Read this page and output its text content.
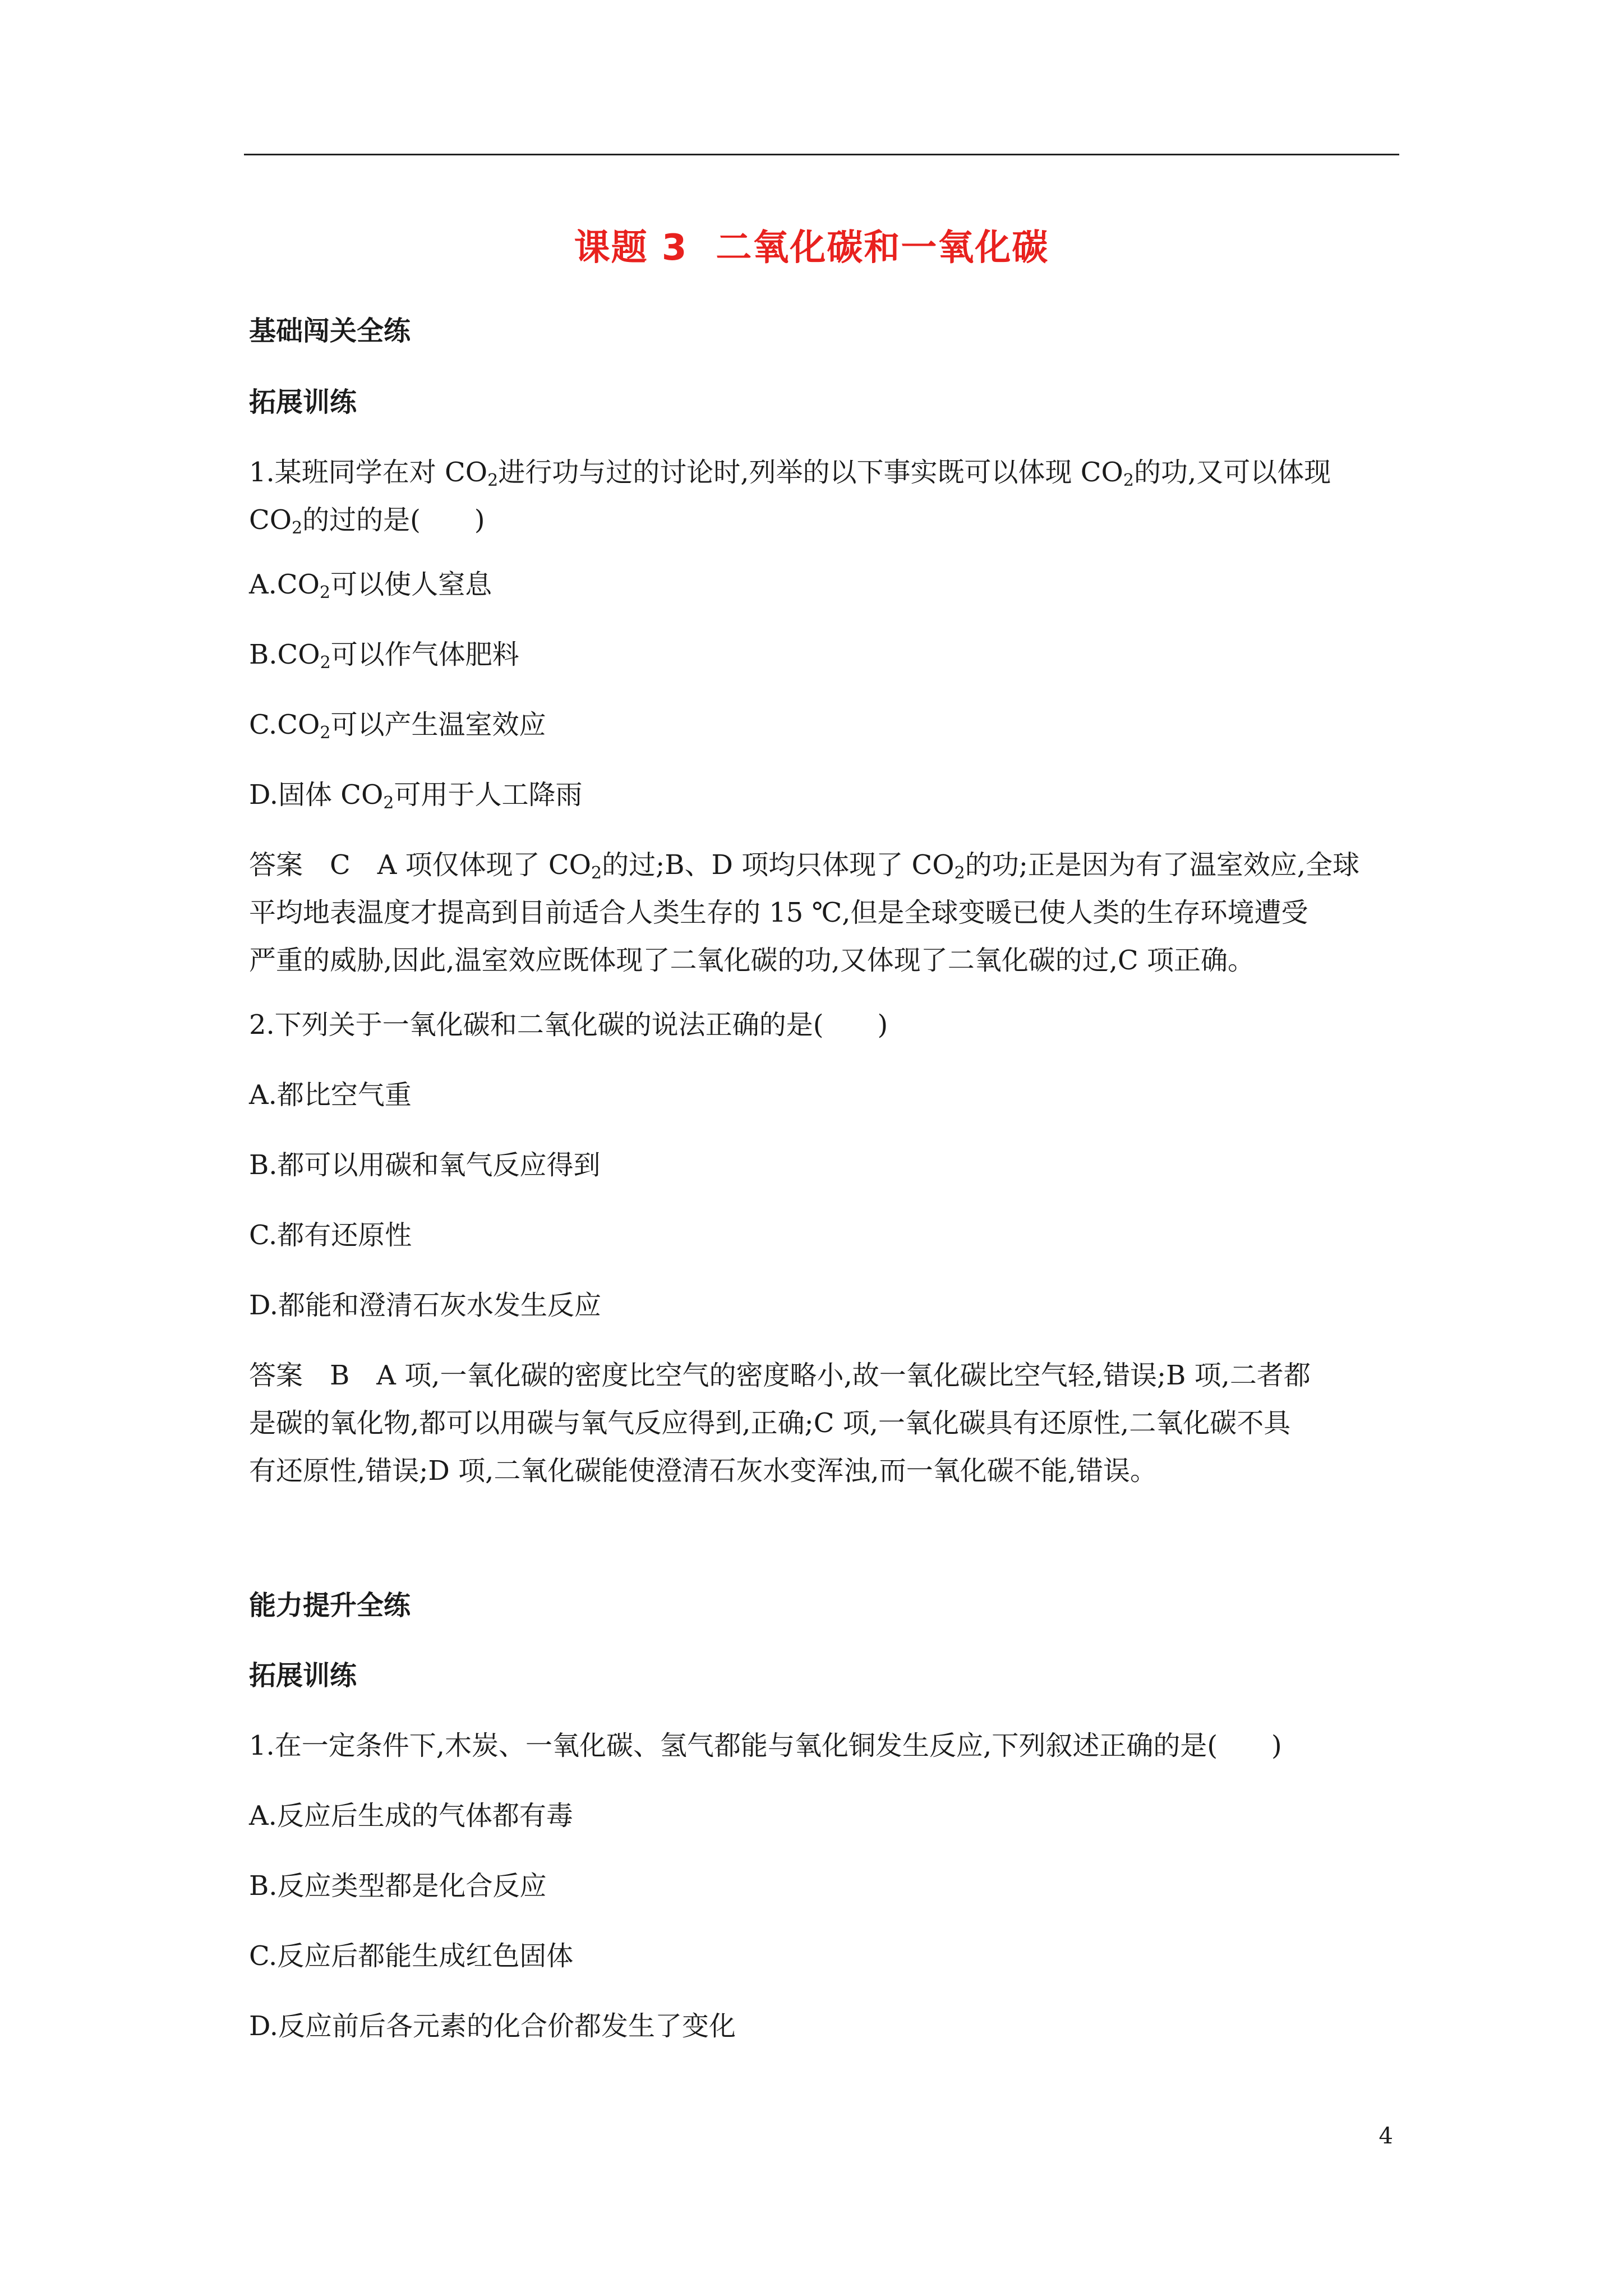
课题 3 二氧化碳和一氧化碳
基础闯关全练
拓展训练
1.某班同学在对 $CO_2$进行功与过的讨论时,列举的以下事实既可以体现 $CO_2$的功,又可以体现
$CO_2$的过的是(　　)
$A.CO_2$可以使人窒息
$B.CO_2$可以作气体肥料
$C.CO_2$可以产生温室效应
D.固体 $CO_2$可用于人工降雨
答案　C　A 项仅体现了 $CO_2$的过;B、D 项均只体现了 $CO_2$的功;正是因为有了温室效应,全球
平均地表温度才提高到目前适合人类生存的 15 ℃,但是全球变暖已使人类的生存环境遭受
严重的威胁,因此,温室效应既体现了二氧化碳的功,又体现了二氧化碳的过,C 项正确。
2.下列关于一氧化碳和二氧化碳的说法正确的是(　　)
A.都比空气重
B.都可以用碳和氧气反应得到
C.都有还原性
D.都能和澄清石灰水发生反应
答案　B　A 项,一氧化碳的密度比空气的密度略小,故一氧化碳比空气轻,错误;B 项,二者都
是碳的氧化物,都可以用碳与氧气反应得到,正确;C 项,一氧化碳具有还原性,二氧化碳不具
有还原性,错误;D 项,二氧化碳能使澄清石灰水变浑浊,而一氧化碳不能,错误。
能力提升全练
拓展训练
1.在一定条件下,木炭、一氧化碳、氢气都能与氧化铜发生反应,下列叙述正确的是(　　)
A.反应后生成的气体都有毒
B.反应类型都是化合反应
C.反应后都能生成红色固体
D.反应前后各元素的化合价都发生了变化
4
